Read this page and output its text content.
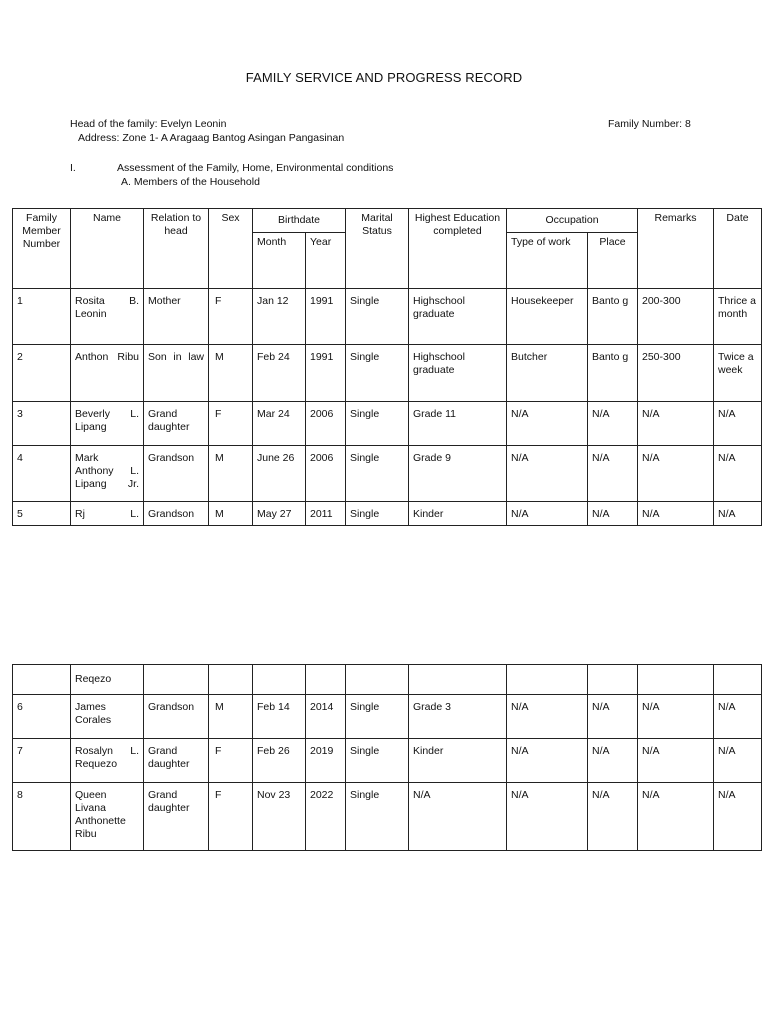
FAMILY SERVICE AND PROGRESS RECORD
Head of the family: Evelyn Leonin	Family Number: 8
Address: Zone 1- A Aragaag Bantog Asingan Pangasinan
I.	Assessment of the Family, Home, Environmental conditions
A. Members of the Household
Family Member Number	Name	Relation to head	Sex	Birthdate		Marital Status	Highest Education completed	Occupation		Remarks	Date
				Month	Year			Type of work	Place		
1	Rosita B. Leonin	Mother	F	Jan 12	1991	Single	Highschool graduate	Housekeeper	Banto g	200-300	Thrice a month
2	Anthon Ribu	Son in law	M	Feb 24	1991	Single	Highschool graduate	Butcher	Banto g	250-300	Twice a week
3	Beverly L. Lipang	Grand daughter	F	Mar 24	2006	Single	Grade 11	N/A	N/A	N/A	N/A
4	Mark Anthony L. Lipang Jr.	Grandson	M	June 26	2006	Single	Grade 9	N/A	N/A	N/A	N/A
5	Rj L.	Grandson	M	May 27	2011	Single	Kinder	N/A	N/A	N/A	N/A
	Reqezo										
6	James Corales	Grandson	M	Feb 14	2014	Single	Grade 3	N/A	N/A	N/A	N/A
7	Rosalyn L. Requezo	Grand daughter	F	Feb 26	2019	Single	Kinder	N/A	N/A	N/A	N/A
8	Queen Livana Anthonette Ribu	Grand daughter	F	Nov 23	2022	Single	N/A	N/A	N/A	N/A	N/A
